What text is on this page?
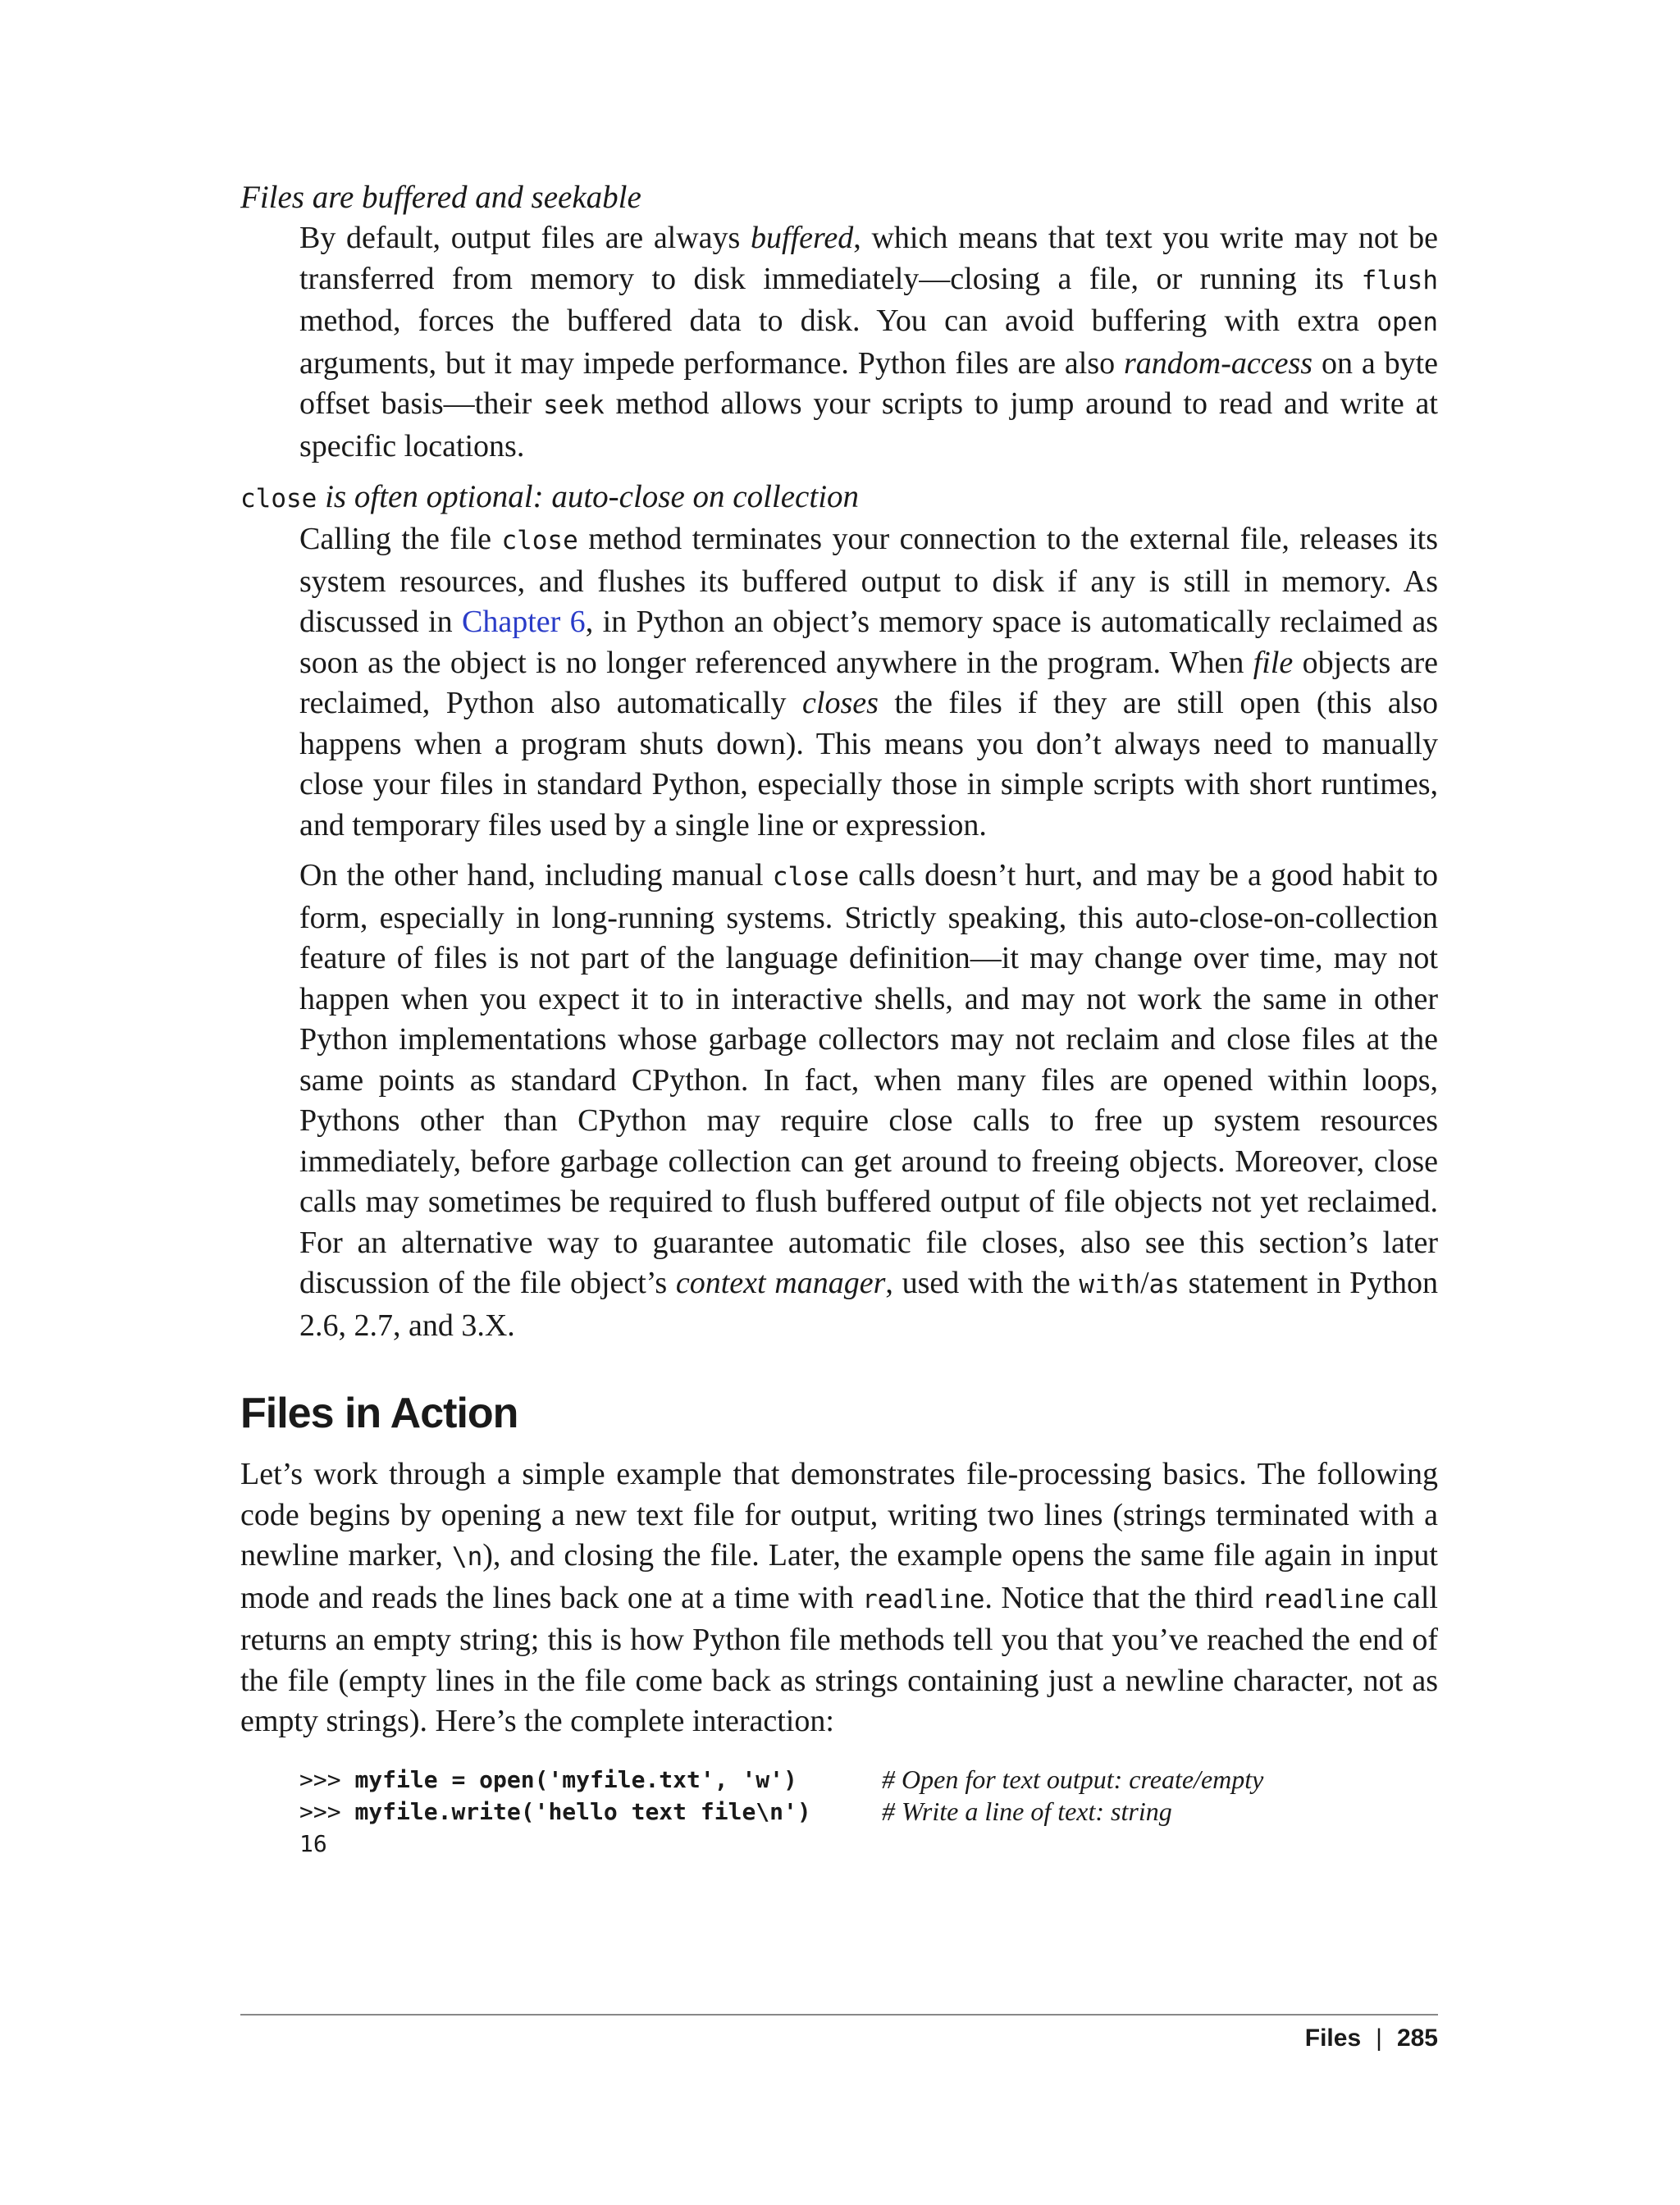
Files are buffered and seekable

By default, output files are always buffered, which means that text you write may not be transferred from memory to disk immediately—closing a file, or running its flush method, forces the buffered data to disk. You can avoid buffering with extra open arguments, but it may impede performance. Python files are also random-access on a byte offset basis—their seek method allows your scripts to jump around to read and write at specific locations.

close is often optional: auto-close on collection

Calling the file close method terminates your connection to the external file, releases its system resources, and flushes its buffered output to disk if any is still in memory. As discussed in Chapter 6, in Python an object’s memory space is automatically reclaimed as soon as the object is no longer referenced anywhere in the program. When file objects are reclaimed, Python also automatically closes the files if they are still open (this also happens when a program shuts down). This means you don’t always need to manually close your files in standard Python, especially those in simple scripts with short runtimes, and temporary files used by a single line or expression.

On the other hand, including manual close calls doesn’t hurt, and may be a good habit to form, especially in long-running systems. Strictly speaking, this auto-close-on-collection feature of files is not part of the language definition—it may change over time, may not happen when you expect it to in interactive shells, and may not work the same in other Python implementations whose garbage collectors may not reclaim and close files at the same points as standard CPython. In fact, when many files are opened within loops, Pythons other than CPython may require close calls to free up system resources immediately, before garbage collection can get around to freeing objects. Moreover, close calls may sometimes be required to flush buffered output of file objects not yet reclaimed. For an alternative way to guarantee automatic file closes, also see this section’s later discussion of the file object’s context manager, used with the with/as statement in Python 2.6, 2.7, and 3.X.

Files in Action

Let’s work through a simple example that demonstrates file-processing basics. The following code begins by opening a new text file for output, writing two lines (strings terminated with a newline marker, \n), and closing the file. Later, the example opens the same file again in input mode and reads the lines back one at a time with readline. Notice that the third readline call returns an empty string; this is how Python file methods tell you that you’ve reached the end of the file (empty lines in the file come back as strings containing just a newline character, not as empty strings). Here’s the complete interaction:

>>> myfile = open('myfile.txt', 'w')	# Open for text output: create/empty
>>> myfile.write('hello text file\n')	# Write a line of text: string
16
Files | 285
